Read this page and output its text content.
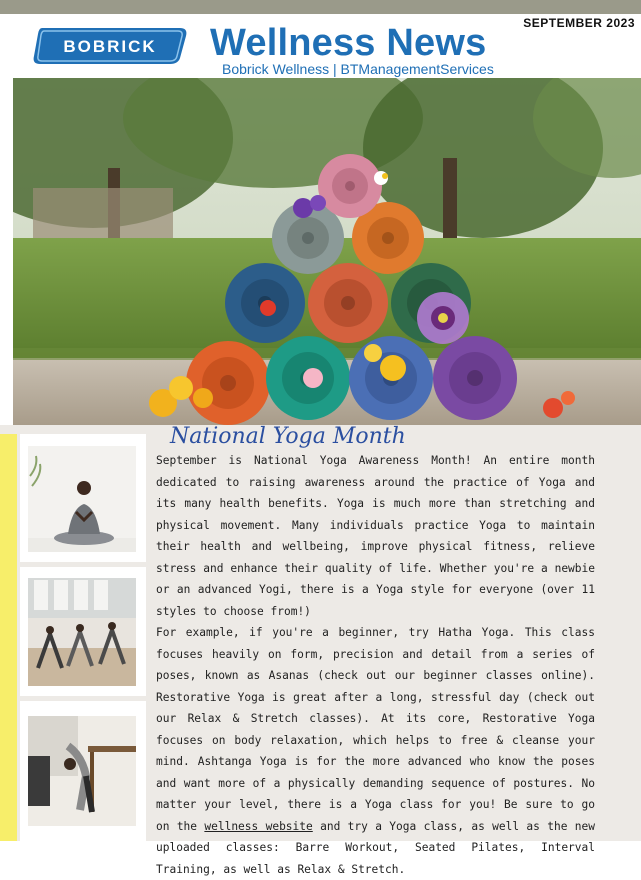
BOBRICK Wellness News
Bobrick Wellness | BTManagementServices
SEPTEMBER 2023
National Yoga Month

September is National Yoga Awareness Month! An entire month dedicated to raising awareness around the practice of Yoga and its many health benefits. Yoga is much more than stretching and physical movement. Many individuals practice Yoga to maintain their health and wellbeing, improve physical fitness, relieve stress and enhance their quality of life. Whether you're a newbie or an advanced Yogi, there is a Yoga style for everyone (over 11 styles to choose from!)

For example, if you're a beginner, try Hatha Yoga. This class focuses heavily on form, precision and detail from a series of poses, known as Asanas (check out our beginner classes online). Restorative Yoga is great after a long, stressful day (check out our Relax & Stretch classes). At its core, Restorative Yoga focuses on body relaxation, which helps to free & cleanse your mind. Ashtanga Yoga is for the more advanced who know the poses and want more of a physically demanding sequence of postures. No matter your level, there is a Yoga class for you! Be sure to go on the wellness website and try a Yoga class, as well as the new uploaded classes: Barre Workout, Seated Pilates, Interval Training, as well as Relax & Stretch.
